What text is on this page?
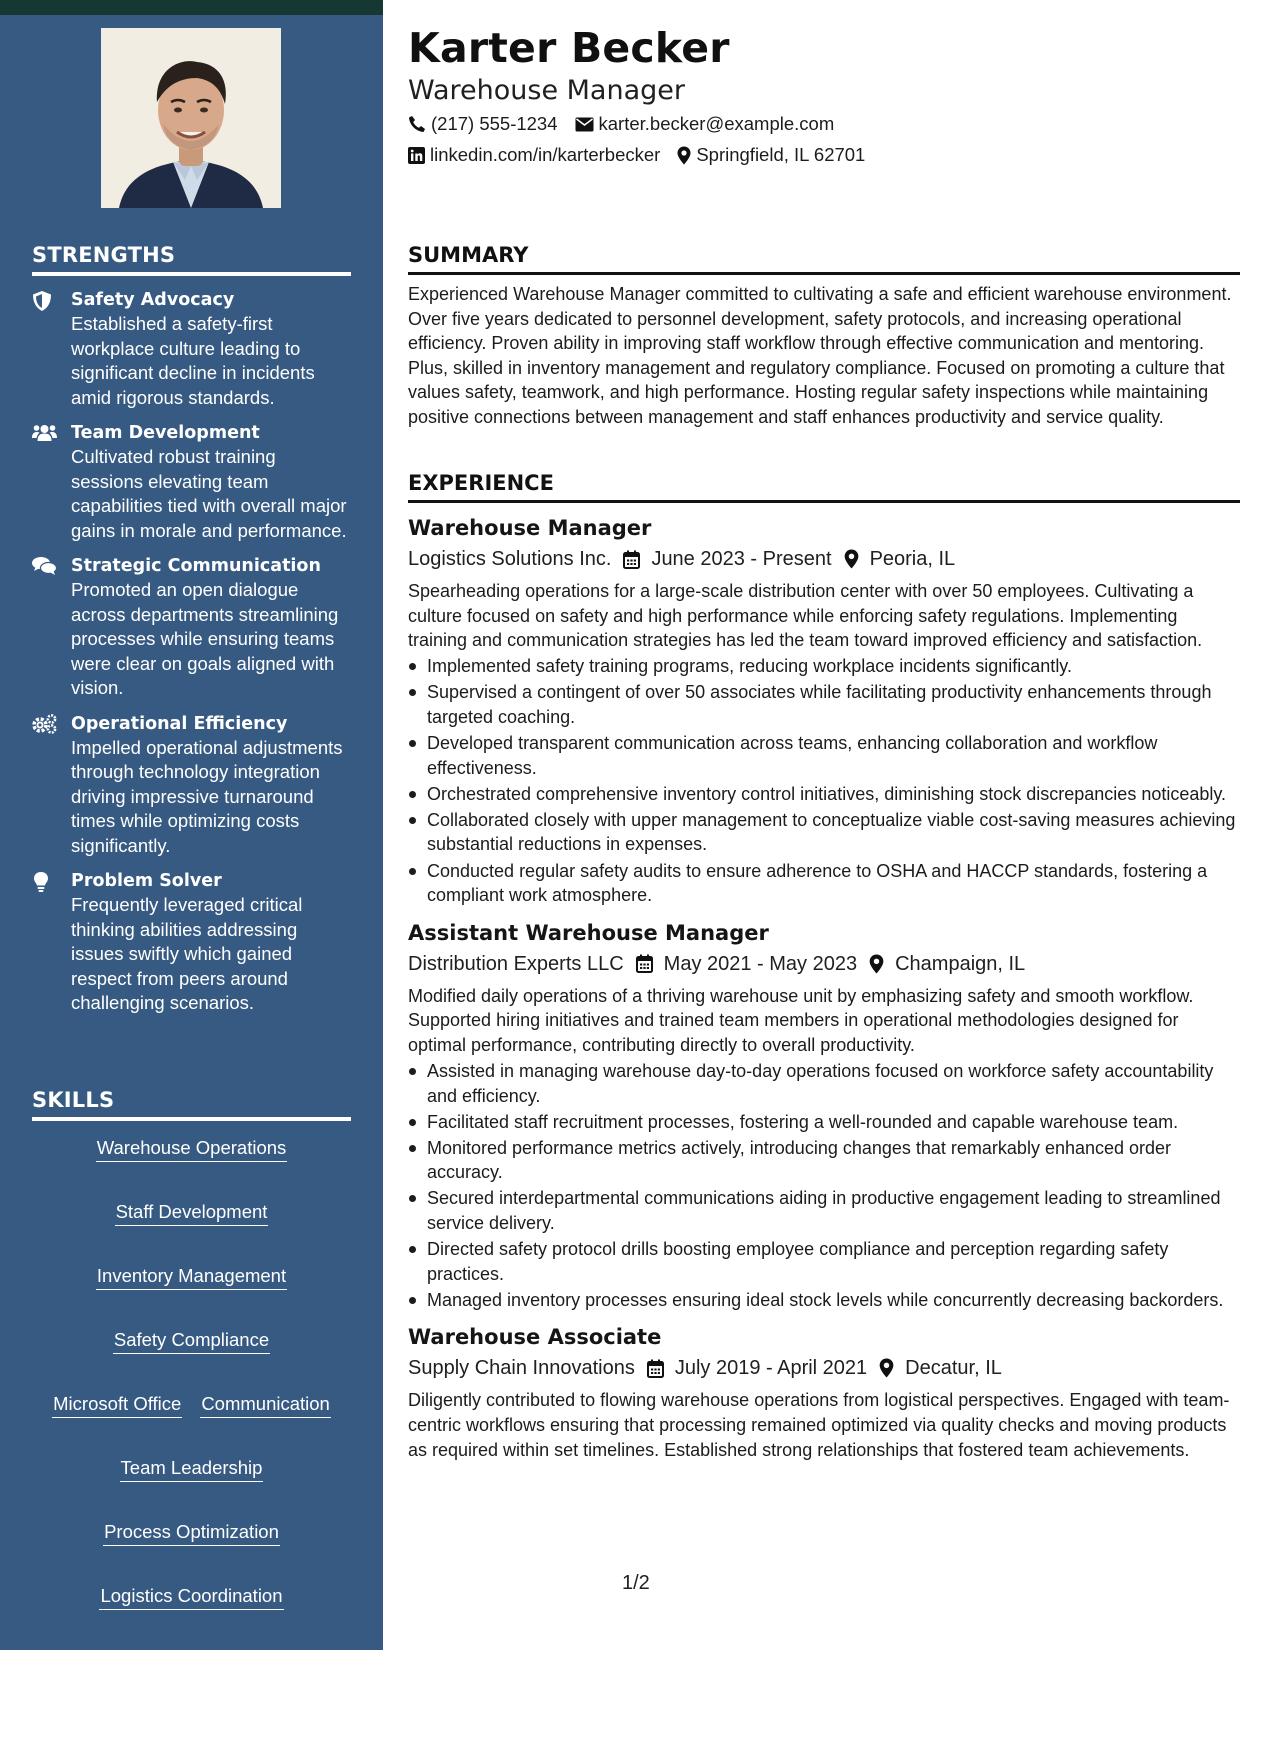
STRENGTHS
Safety Advocacy
Established a safety-first workplace culture leading to significant decline in incidents amid rigorous standards.
Team Development
Cultivated robust training sessions elevating team capabilities tied with overall major gains in morale and performance.
Strategic Communication
Promoted an open dialogue across departments streamlining processes while ensuring teams were clear on goals aligned with vision.
Operational Efficiency
Impelled operational adjustments through technology integration driving impressive turnaround times while optimizing costs significantly.
Problem Solver
Frequently leveraged critical thinking abilities addressing issues swiftly which gained respect from peers around challenging scenarios.
SKILLS
Warehouse Operations
Staff Development
Inventory Management
Safety Compliance
Microsoft Office Communication
Team Leadership
Process Optimization
Logistics Coordination
Operational Audits
Cost Reduction Strategies
Karter Becker
Warehouse Manager
(217) 555-1234 karter.becker@example.com
linkedin.com/in/karterbecker Springfield, IL 62701
SUMMARY
Experienced Warehouse Manager committed to cultivating a safe and efficient warehouse environment. Over five years dedicated to personnel development, safety protocols, and increasing operational efficiency. Proven ability in improving staff workflow through effective communication and mentoring. Plus, skilled in inventory management and regulatory compliance. Focused on promoting a culture that values safety, teamwork, and high performance. Hosting regular safety inspections while maintaining positive connections between management and staff enhances productivity and service quality.
EXPERIENCE
Warehouse Manager
Logistics Solutions Inc. June 2023 - Present Peoria, IL
Spearheading operations for a large-scale distribution center with over 50 employees. Cultivating a culture focused on safety and high performance while enforcing safety regulations. Implementing training and communication strategies has led the team toward improved efficiency and satisfaction.
Implemented safety training programs, reducing workplace incidents significantly.
Supervised a contingent of over 50 associates while facilitating productivity enhancements through targeted coaching.
Developed transparent communication across teams, enhancing collaboration and workflow effectiveness.
Orchestrated comprehensive inventory control initiatives, diminishing stock discrepancies noticeably.
Collaborated closely with upper management to conceptualize viable cost-saving measures achieving substantial reductions in expenses.
Conducted regular safety audits to ensure adherence to OSHA and HACCP standards, fostering a compliant work atmosphere.
Assistant Warehouse Manager
Distribution Experts LLC May 2021 - May 2023 Champaign, IL
Modified daily operations of a thriving warehouse unit by emphasizing safety and smooth workflow. Supported hiring initiatives and trained team members in operational methodologies designed for optimal performance, contributing directly to overall productivity.
Assisted in managing warehouse day-to-day operations focused on workforce safety accountability and efficiency.
Facilitated staff recruitment processes, fostering a well-rounded and capable warehouse team.
Monitored performance metrics actively, introducing changes that remarkably enhanced order accuracy.
Secured interdepartmental communications aiding in productive engagement leading to streamlined service delivery.
Directed safety protocol drills boosting employee compliance and perception regarding safety practices.
Managed inventory processes ensuring ideal stock levels while concurrently decreasing backorders.
Warehouse Associate
Supply Chain Innovations July 2019 - April 2021 Decatur, IL
Diligently contributed to flowing warehouse operations from logistical perspectives. Engaged with team-centric workflows ensuring that processing remained optimized via quality checks and moving products as required within set timelines. Established strong relationships that fostered team achievements.
1/2
